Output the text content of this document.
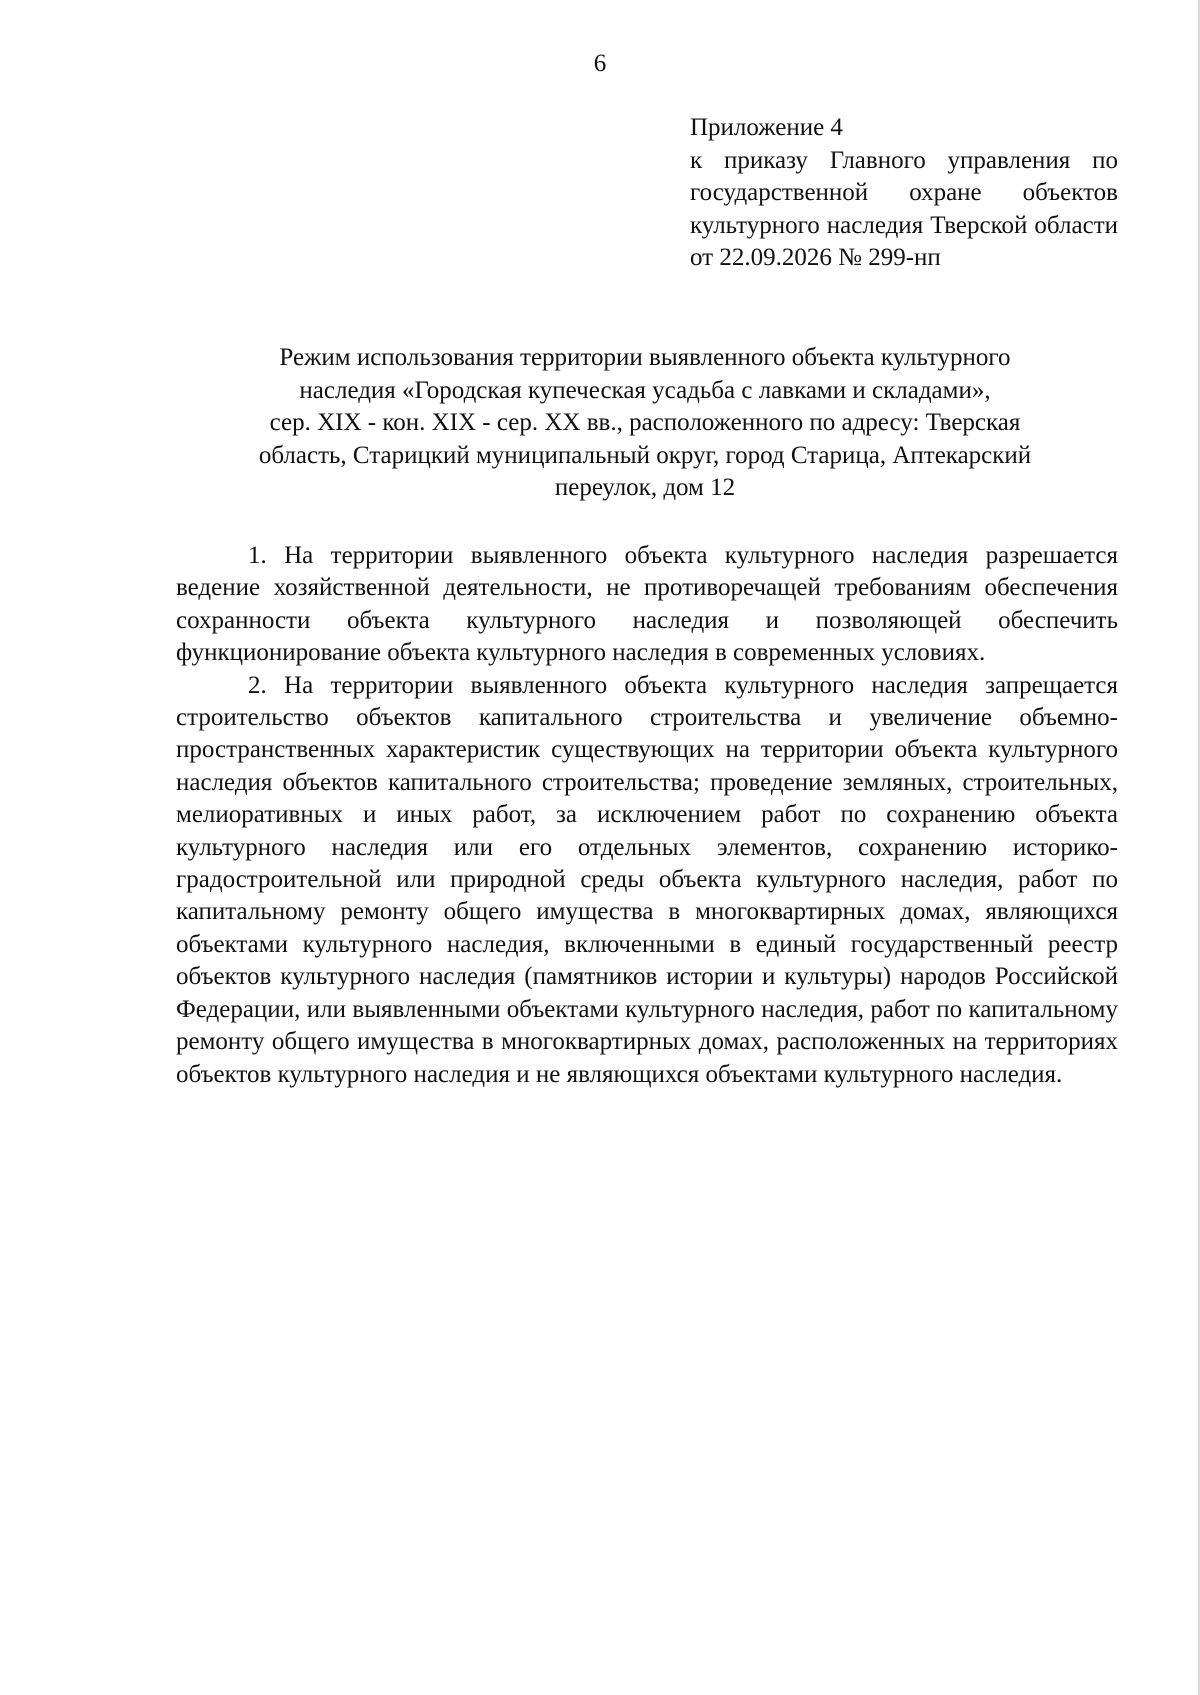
6
Приложение 4
к приказу Главного управления по государственной охране объектов культурного наследия Тверской области от 22.09.2026 № 299-нп
Режим использования территории выявленного объекта культурного
наследия «Городская купеческая усадьба с лавками и складами»,
сер. XIX - кон. XIX - сер. XX вв., расположенного по адресу: Тверская
область, Старицкий муниципальный округ, город Старица, Аптекарский
переулок, дом 12

1. На территории выявленного объекта культурного наследия разрешается ведение хозяйственной деятельности, не противоречащей требованиям обеспечения сохранности объекта культурного наследия и позволяющей обеспечить функционирование объекта культурного наследия в современных условиях.

2. На территории выявленного объекта культурного наследия запрещается строительство объектов капитального строительства и увеличение объемно-пространственных характеристик существующих на территории объекта культурного наследия объектов капитального строительства; проведение земляных, строительных, мелиоративных и иных работ, за исключением работ по сохранению объекта культурного наследия или его отдельных элементов, сохранению историко-градостроительной или природной среды объекта культурного наследия, работ по капитальному ремонту общего имущества в многоквартирных домах, являющихся объектами культурного наследия, включенными в единый государственный реестр объектов культурного наследия (памятников истории и культуры) народов Российской Федерации, или выявленными объектами культурного наследия, работ по капитальному ремонту общего имущества в многоквартирных домах, расположенных на территориях объектов культурного наследия и не являющихся объектами культурного наследия.
